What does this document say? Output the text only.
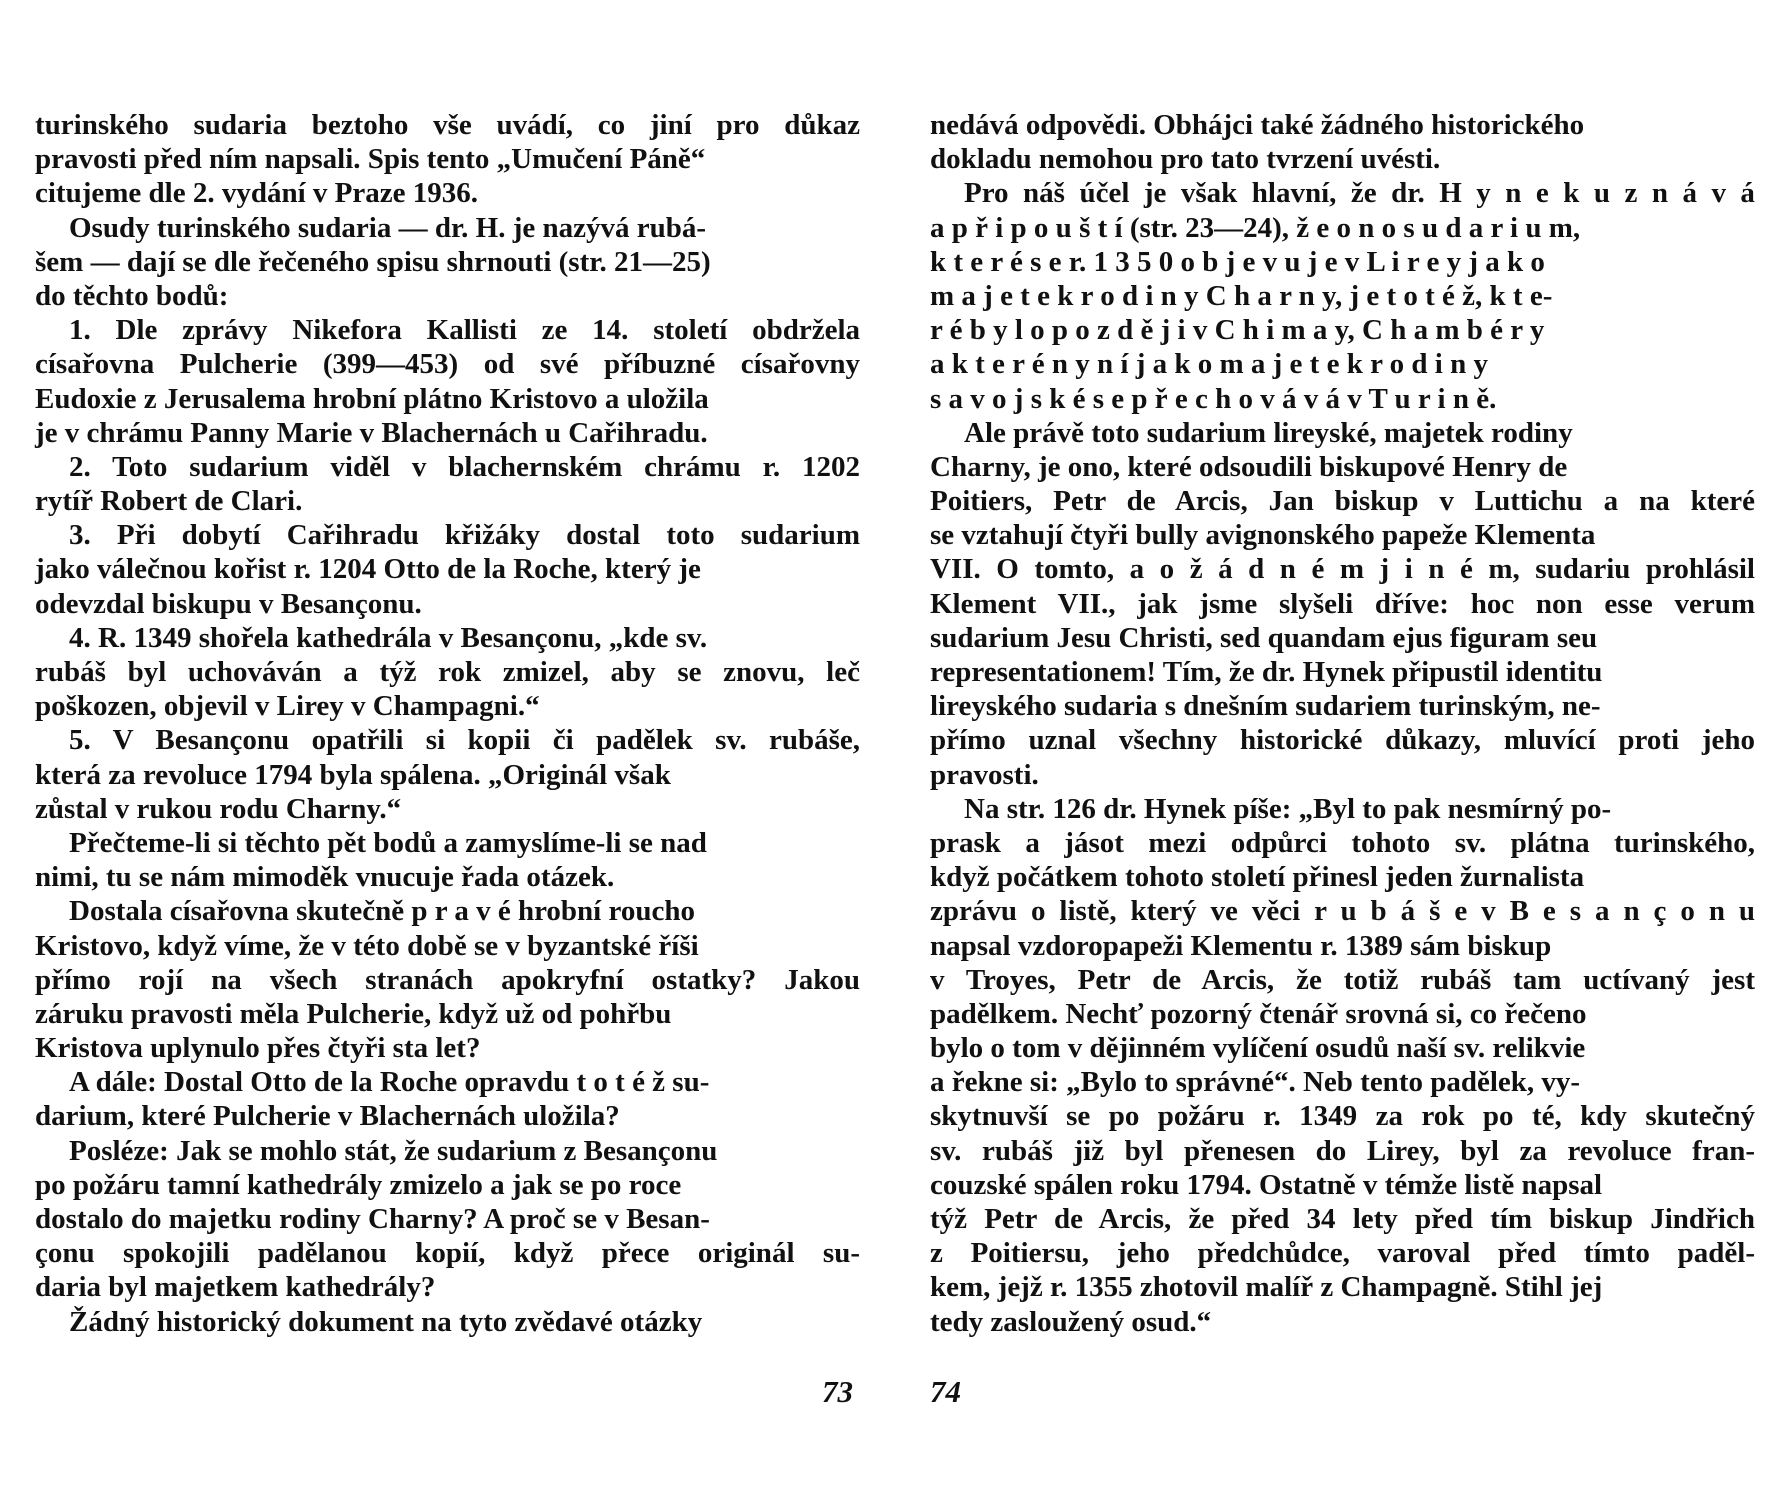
turinského sudaria beztoho vše uvádí, co jiní pro důkaz
pravosti před ním napsali. Spis tento „Umučení Páně“
citujeme dle 2. vydání v Praze 1936.
Osudy turinského sudaria — dr. H. je nazývá rubá-
šem — dají se dle řečeného spisu shrnouti (str. 21—25)
do těchto bodů:
1. Dle zprávy Nikefora Kallisti ze 14. století obdržela
císařovna Pulcherie (399—453) od své příbuzné císařovny
Eudoxie z Jerusalema hrobní plátno Kristovo a uložila
je v chrámu Panny Marie v Blachernách u Cařihradu.
2. Toto sudarium viděl v blachernském chrámu r. 1202
rytíř Robert de Clari.
3. Při dobytí Cařihradu křižáky dostal toto sudarium
jako válečnou kořist r. 1204 Otto de la Roche, který je
odevzdal biskupu v Besançonu.
4. R. 1349 shořela kathedrála v Besançonu, „kde sv.
rubáš byl uchováván a týž rok zmizel, aby se znovu, leč
poškozen, objevil v Lirey v Champagni.“
5. V Besançonu opatřili si kopii či padělek sv. rubáše,
která za revoluce 1794 byla spálena. „Originál však
zůstal v rukou rodu Charny.“
Přečteme-li si těchto pět bodů a zamyslíme-li se nad
nimi, tu se nám mimoděk vnucuje řada otázek.
Dostala císařovna skutečně p r a v é hrobní roucho
Kristovo, když víme, že v této době se v byzantské říši
přímo rojí na všech stranách apokryfní ostatky? Jakou
záruku pravosti měla Pulcherie, když už od pohřbu
Kristova uplynulo přes čtyři sta let?
A dále: Dostal Otto de la Roche opravdu t o t é ž su-
darium, které Pulcherie v Blachernách uložila?
Posléze: Jak se mohlo stát, že sudarium z Besançonu
po požáru tamní kathedrály zmizelo a jak se po roce
dostalo do majetku rodiny Charny? A proč se v Besan-
çonu spokojili padělanou kopií, když přece originál su-
daria byl majetkem kathedrály?
Žádný historický dokument na tyto zvědavé otázky
nedává odpovědi. Obhájci také žádného historického
dokladu nemohou pro tato tvrzení uvésti.
Pro náš účel je však hlavní, že dr. H y n e k u z n á v á
a p ř i p o u š t í (str. 23—24), ž e o n o s u d a r i u m,
k t e r é s e r. 1 3 5 0 o b j e v u j e v L i r e y j a k o
m a j e t e k r o d i n y C h a r n y, j e t o t é ž, k t e-
r é b y l o p o z d ě j i v C h i m a y, C h a m b é r y
a k t e r é n y n í j a k o m a j e t e k r o d i n y
s a v o j s k é s e p ř e c h o v á v á v T u r i n ě.
Ale právě toto sudarium lireyské, majetek rodiny
Charny, je ono, které odsoudili biskupové Henry de
Poitiers, Petr de Arcis, Jan biskup v Luttichu a na které
se vztahují čtyři bully avignonského papeže Klementa
VII. O tomto, a o ž á d n é m j i n é m, sudariu prohlásil
Klement VII., jak jsme slyšeli dříve: hoc non esse verum
sudarium Jesu Christi, sed quandam ejus figuram seu
representationem! Tím, že dr. Hynek připustil identitu
lireyského sudaria s dnešním sudariem turinským, ne-
přímo uznal všechny historické důkazy, mluvící proti jeho
pravosti.
Na str. 126 dr. Hynek píše: „Byl to pak nesmírný po-
prask a jásot mezi odpůrci tohoto sv. plátna turinského,
když počátkem tohoto století přinesl jeden žurnalista
zprávu o listě, který ve věci r u b á š e v B e s a n ç o n u
napsal vzdoropapeži Klementu r. 1389 sám biskup
v Troyes, Petr de Arcis, že totiž rubáš tam uctívaný jest
padělkem. Nechť pozorný čtenář srovná si, co řečeno
bylo o tom v dějinném vylíčení osudů naší sv. relikvie
a řekne si: „Bylo to správné“. Neb tento padělek, vy-
skytnuvší se po požáru r. 1349 za rok po té, kdy skutečný
sv. rubáš již byl přenesen do Lirey, byl za revoluce fran-
couzské spálen roku 1794. Ostatně v témže listě napsal
týž Petr de Arcis, že před 34 lety před tím biskup Jindřich
z Poitiersu, jeho předchůdce, varoval před tímto paděl-
kem, jejž r. 1355 zhotovil malíř z Champagně. Stihl jej
tedy zasloužený osud.“
73 74
